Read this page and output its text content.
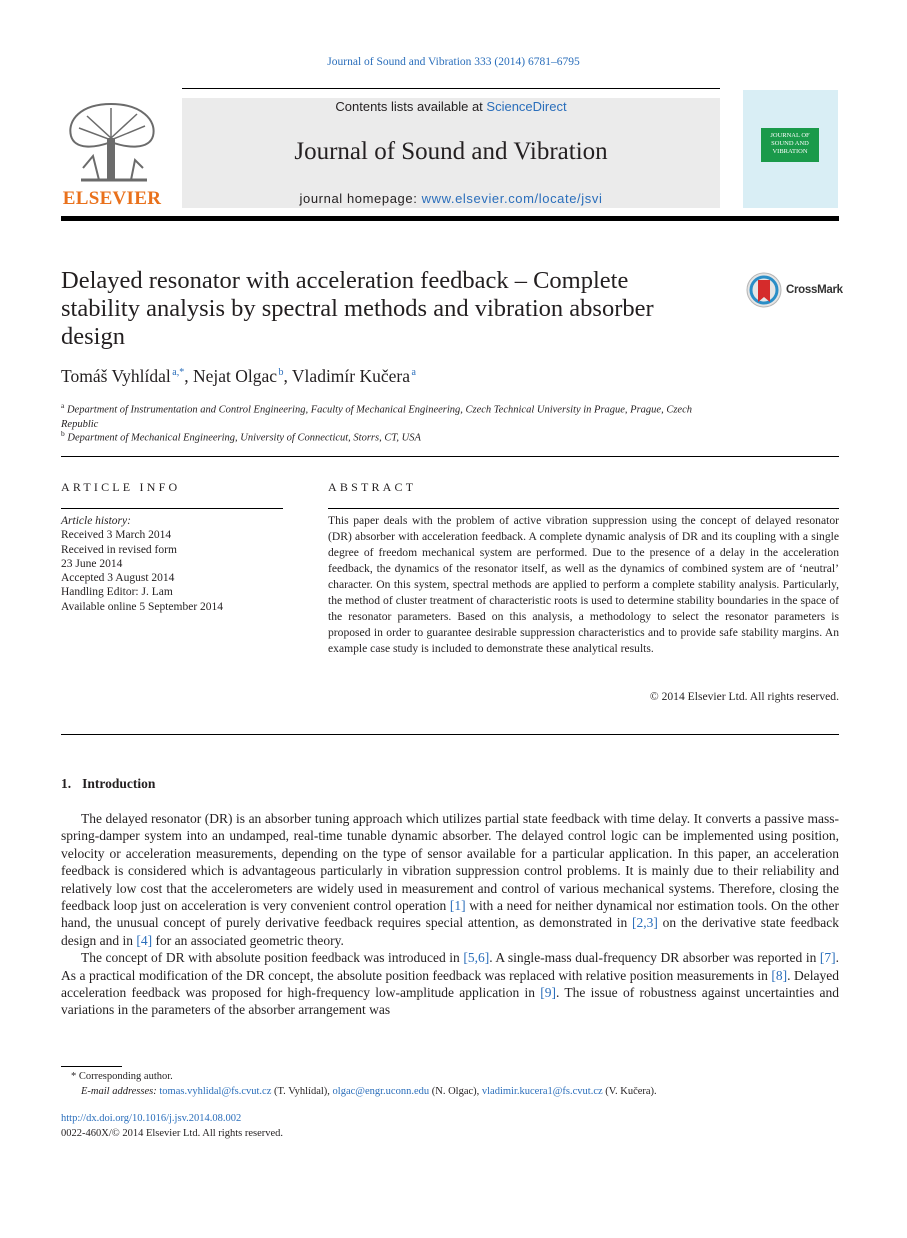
Journal of Sound and Vibration 333 (2014) 6781–6795
ELSEVIER
Contents lists available at ScienceDirect
Journal of Sound and Vibration
journal homepage: www.elsevier.com/locate/jsvi
JOURNAL OF SOUND AND VIBRATION
Delayed resonator with acceleration feedback – Complete stability analysis by spectral methods and vibration absorber design
CrossMark
Tomáš Vyhlídal $^{a,*}$, Nejat Olgac $^b$, Vladimír Kučera $^a$
$^a$ Department of Instrumentation and Control Engineering, Faculty of Mechanical Engineering, Czech Technical University in Prague, Prague, Czech Republic
$^b$ Department of Mechanical Engineering, University of Connecticut, Storrs, CT, USA
ARTICLE INFO
Article history:
Received 3 March 2014
Received in revised form
23 June 2014
Accepted 3 August 2014
Handling Editor: J. Lam
Available online 5 September 2014
ABSTRACT
This paper deals with the problem of active vibration suppression using the concept of delayed resonator (DR) absorber with acceleration feedback. A complete dynamic analysis of DR and its coupling with a single degree of freedom mechanical system are performed. Due to the presence of a delay in the acceleration feedback, the dynamics of the resonator itself, as well as the dynamics of combined system are of ‘neutral’ character. On this system, spectral methods are applied to perform a complete stability analysis. Particularly, the method of cluster treatment of characteristic roots is used to determine stability boundaries in the space of the resonator parameters. Based on this analysis, a methodology to select the resonator parameters is proposed in order to guarantee desirable suppression characteristics and to provide safe stability margins. An example case study is included to demonstrate these analytical results.
© 2014 Elsevier Ltd. All rights reserved.
1. Introduction

The delayed resonator (DR) is an absorber tuning approach which utilizes partial state feedback with time delay. It converts a passive mass-spring-damper system into an undamped, real-time tunable dynamic absorber. The delayed control logic can be implemented using position, velocity or acceleration measurements, depending on the type of sensor available for a particular application. In this paper, an acceleration feedback is considered which is advantageous particularly in vibration suppression control problems. It is mainly due to their reliability and relatively low cost that the accelerometers are widely used in measurement and control of various mechanical systems. Therefore, closing the feedback loop just on acceleration is very convenient control operation [1] with a need for neither dynamical nor estimation tools. On the other hand, the unusual concept of purely derivative feedback requires special attention, as demonstrated in [2,3] on the derivative state feedback design and in [4] for an associated geometric theory.

The concept of DR with absolute position feedback was introduced in [5,6]. A single-mass dual-frequency DR absorber was reported in [7]. As a practical modification of the DR concept, the absolute position feedback was replaced with relative position measurements in [8]. Delayed acceleration feedback was proposed for high-frequency low-amplitude application in [9]. The issue of robustness against uncertainties and variations in the parameters of the absorber arrangement was

* Corresponding author.
E-mail addresses: tomas.vyhlidal@fs.cvut.cz (T. Vyhlídal), olgac@engr.uconn.edu (N. Olgac), vladimir.kucera1@fs.cvut.cz (V. Kučera).
http://dx.doi.org/10.1016/j.jsv.2014.08.002
0022-460X/© 2014 Elsevier Ltd. All rights reserved.
